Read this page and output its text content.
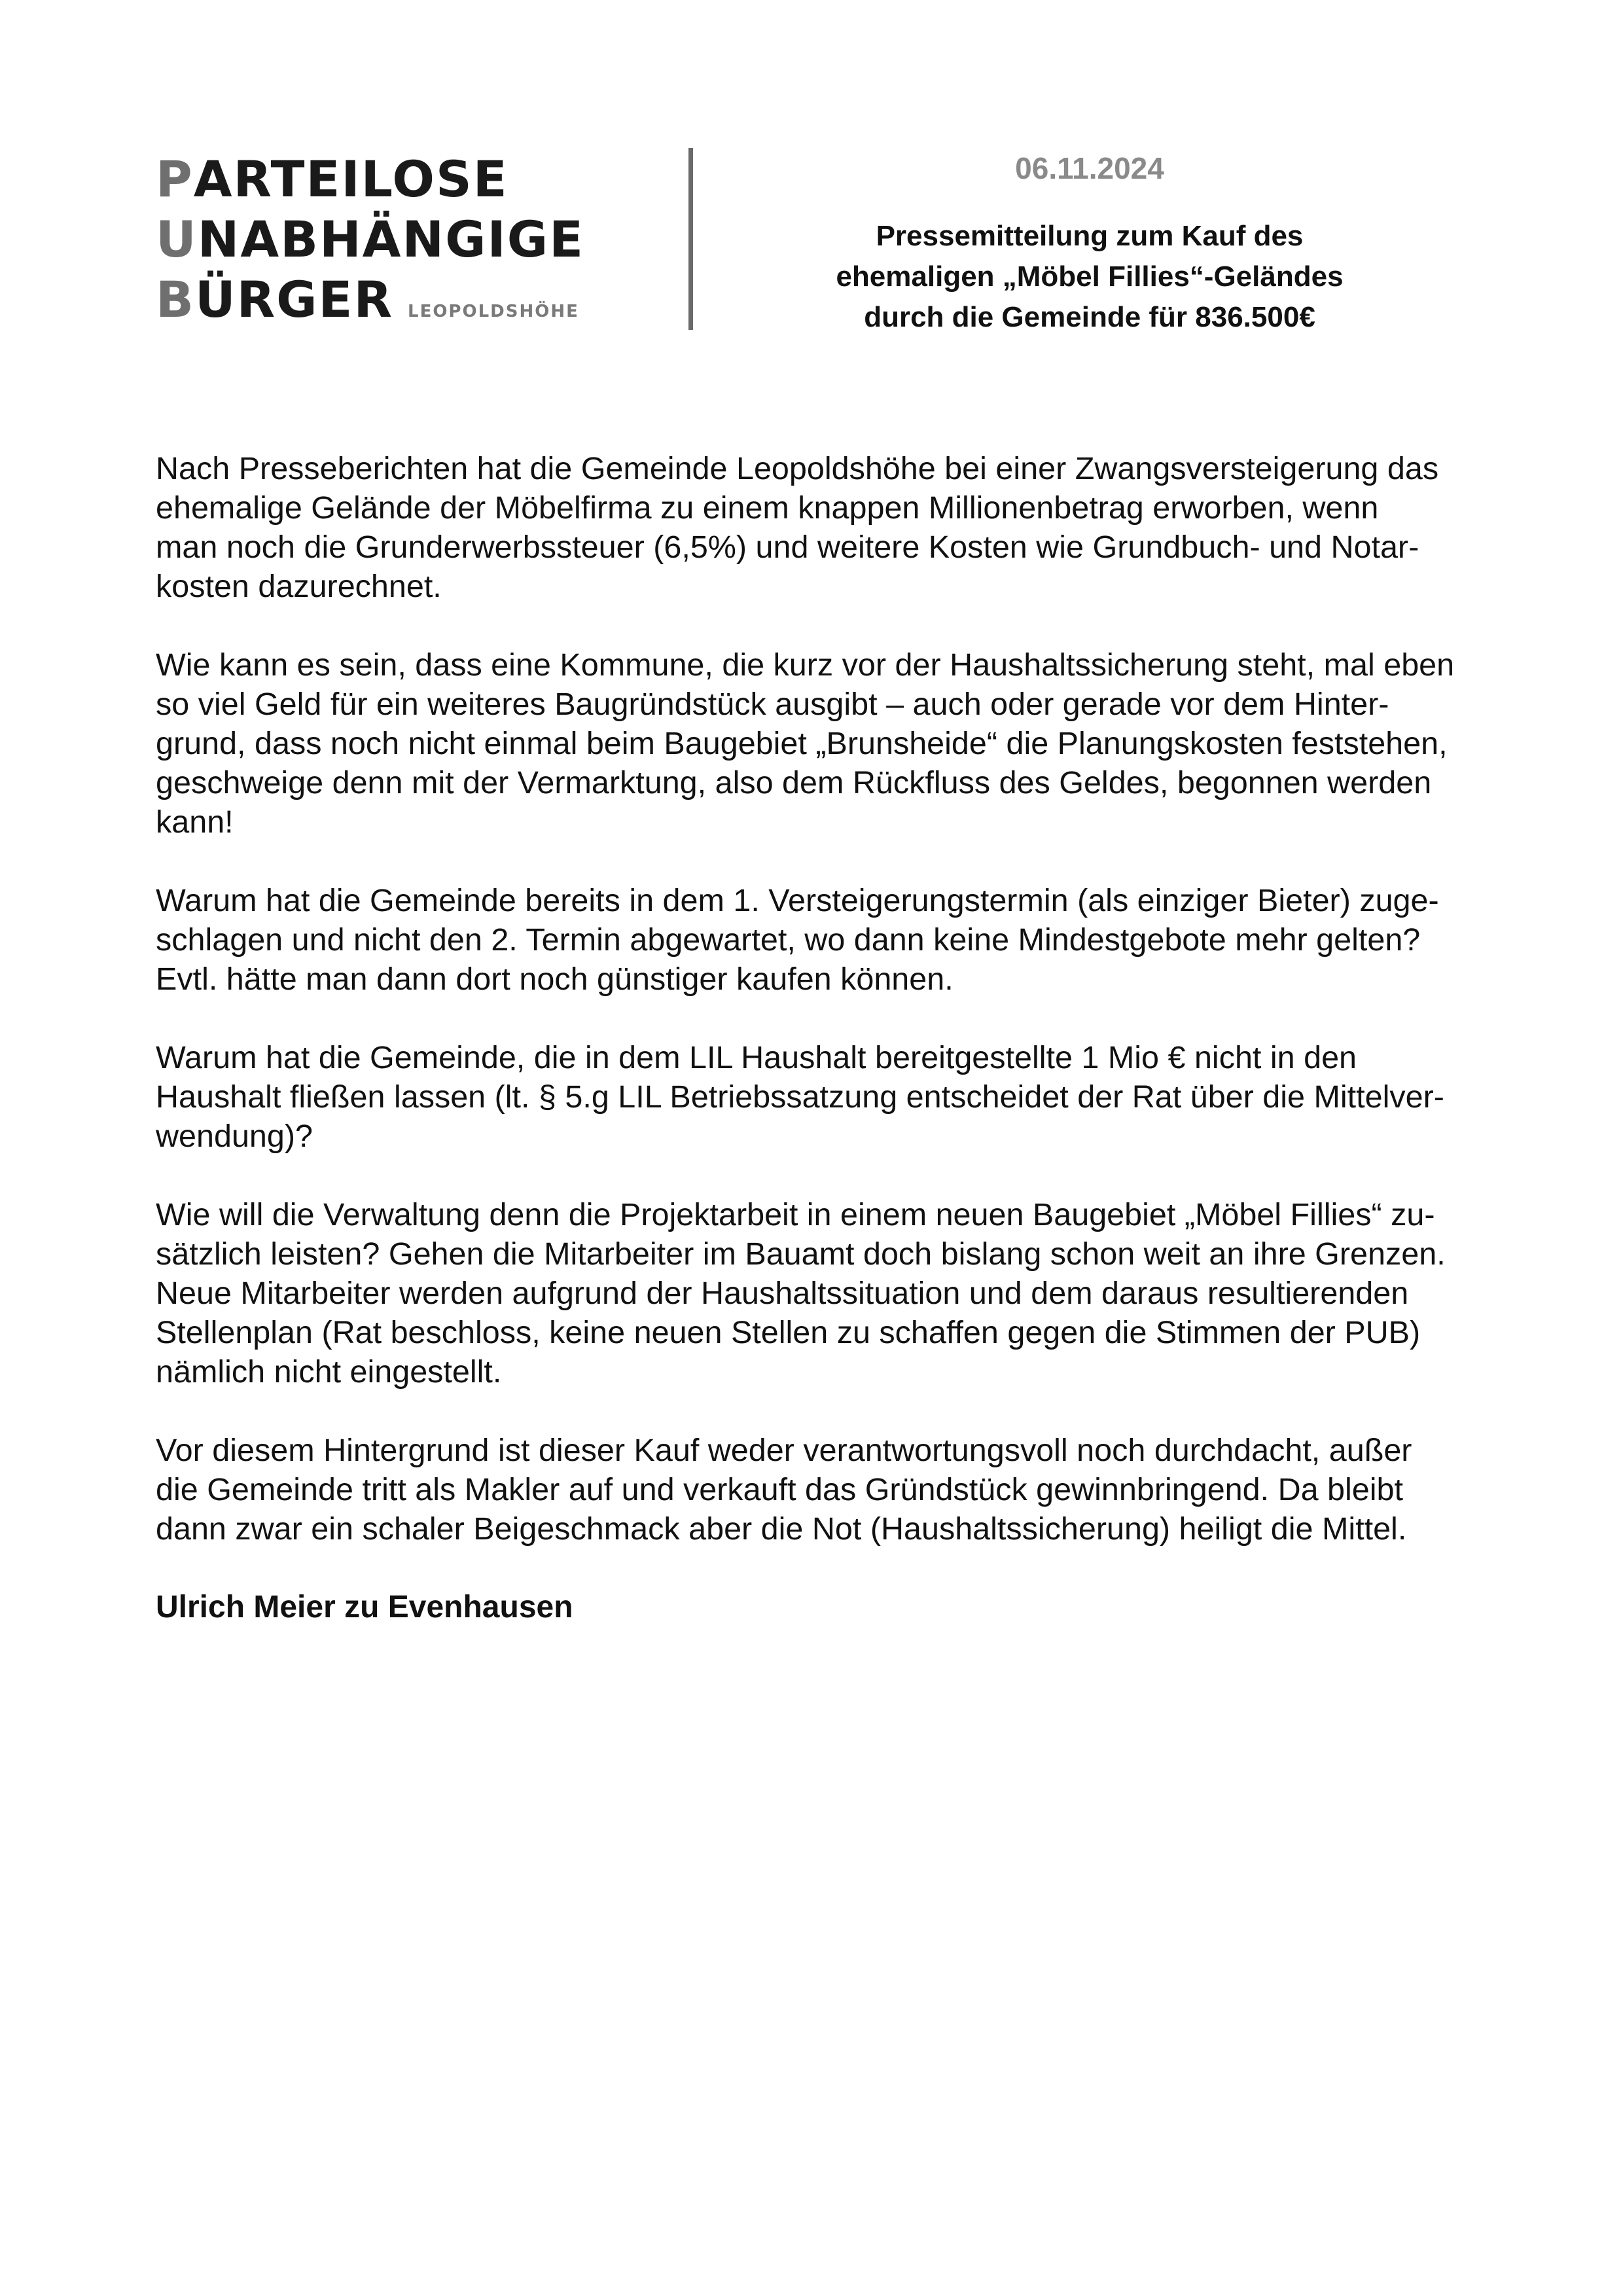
P ARTEILOSE
U NABHÄNGIGE
B ÜRGER LEOPOLDSHÖHE
06.11.2024
Pressemitteilung zum Kauf des
ehemaligen „Möbel Fillies“-Geländes
durch die Gemeinde für 836.500€

Nach Presseberichten hat die Gemeinde Leopoldshöhe bei einer Zwangsversteigerung das
ehemalige Gelände der Möbelfirma zu einem knappen Millionenbetrag erworben, wenn
man noch die Grunderwerbssteuer (6,5%) und weitere Kosten wie Grundbuch- und Notar-
kosten dazurechnet.

Wie kann es sein, dass eine Kommune, die kurz vor der Haushaltssicherung steht, mal eben
so viel Geld für ein weiteres Baugründstück ausgibt – auch oder gerade vor dem Hinter-
grund, dass noch nicht einmal beim Baugebiet „Brunsheide“ die Planungskosten feststehen,
geschweige denn mit der Vermarktung, also dem Rückfluss des Geldes, begonnen werden
kann!

Warum hat die Gemeinde bereits in dem 1. Versteigerungstermin (als einziger Bieter) zuge-
schlagen und nicht den 2. Termin abgewartet, wo dann keine Mindestgebote mehr gelten?
Evtl. hätte man dann dort noch günstiger kaufen können.

Warum hat die Gemeinde, die in dem LIL Haushalt bereitgestellte 1 Mio € nicht in den
Haushalt fließen lassen (lt. § 5.g LIL Betriebssatzung entscheidet der Rat über die Mittelver-
wendung)?

Wie will die Verwaltung denn die Projektarbeit in einem neuen Baugebiet „Möbel Fillies“ zu-
sätzlich leisten? Gehen die Mitarbeiter im Bauamt doch bislang schon weit an ihre Grenzen.
Neue Mitarbeiter werden aufgrund der Haushaltssituation und dem daraus resultierenden
Stellenplan (Rat beschloss, keine neuen Stellen zu schaffen gegen die Stimmen der PUB)
nämlich nicht eingestellt.

Vor diesem Hintergrund ist dieser Kauf weder verantwortungsvoll noch durchdacht, außer
die Gemeinde tritt als Makler auf und verkauft das Gründstück gewinnbringend. Da bleibt
dann zwar ein schaler Beigeschmack aber die Not (Haushaltssicherung) heiligt die Mittel.

Ulrich Meier zu Evenhausen
